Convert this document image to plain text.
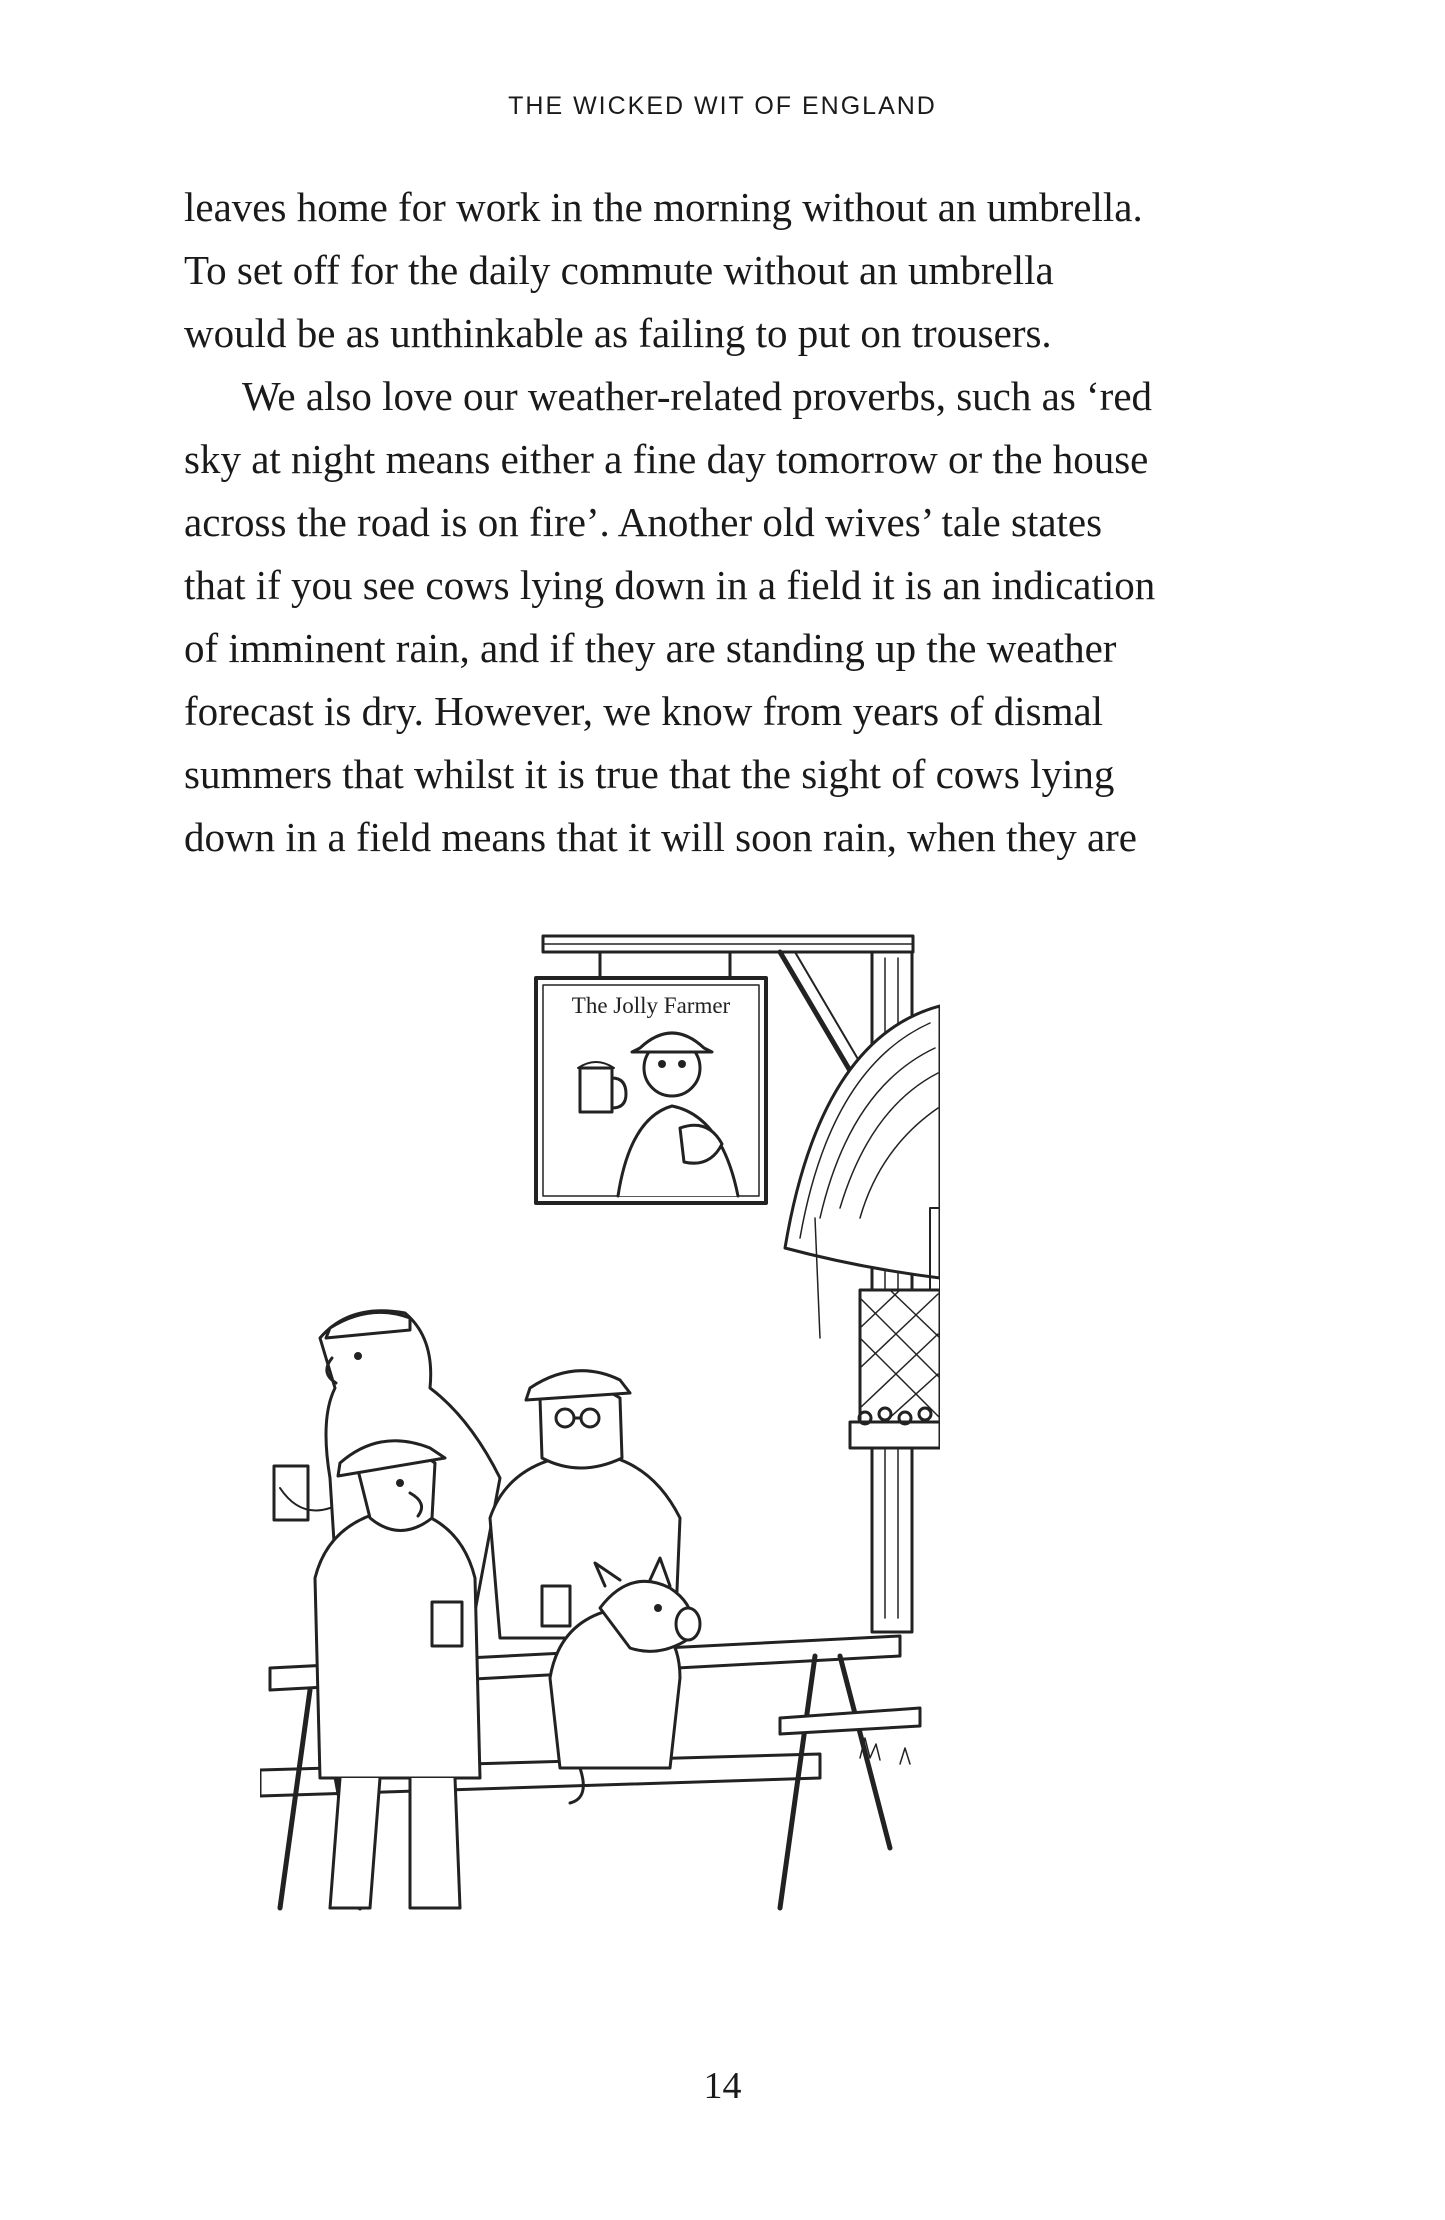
THE WICKED WIT OF ENGLAND
leaves home for work in the morning without an umbrella.
To set off for the daily commute without an umbrella
would be as unthinkable as failing to put on trousers.
We also love our weather-related proverbs, such as ‘red
sky at night means either a fine day tomorrow or the house
across the road is on fire’. Another old wives’ tale states
that if you see cows lying down in a field it is an indication
of imminent rain, and if they are standing up the weather
forecast is dry. However, we know from years of dismal
summers that whilst it is true that the sight of cows lying
down in a field means that it will soon rain, when they are
The Jolly Farmer
14
